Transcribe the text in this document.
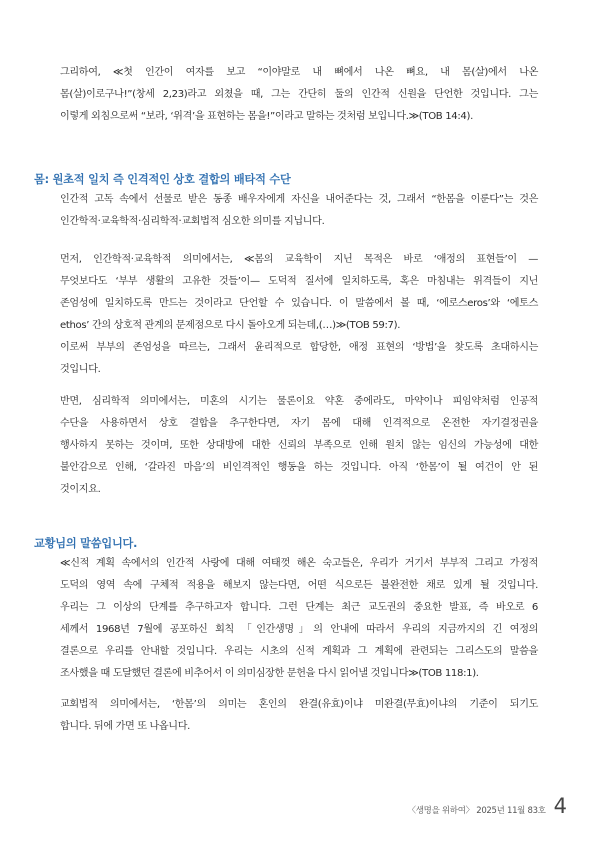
그리하여, ≪첫 인간이 여자를 보고 “이야말로 내 뼈에서 나온 뼈요, 내 몸(살)에서 나온
몸(살)이로구나!”(창세 2,23)라고 외쳤을 때, 그는 간단히 둘의 인간적 신원을 단언한 것입니다. 그는
이렇게 외침으로써 “보라, ‘위격’을 표현하는 몸을!”이라고 말하는 것처럼 보입니다.≫(TOB 14:4).
몸: 원초적 일치 즉 인격적인 상호 결합의 배타적 수단
인간적 고독 속에서 선물로 받은 동종 배우자에게 자신을 내어준다는 것, 그래서 “한몸을 이룬다”는 것은
인간학적·교육학적·심리학적·교회법적 심오한 의미를 지닙니다.
먼저, 인간학적·교육학적 의미에서는, ≪몸의 교육학이 지닌 목적은 바로 ‘애정의 표현들’이 —
무엇보다도 ‘부부 생활의 고유한 것들’이— 도덕적 질서에 일치하도록, 혹은 마침내는 위격들이 지닌
존엄성에 일치하도록 만드는 것이라고 단언할 수 있습니다. 이 말씀에서 볼 때, ‘에로스eros’와 ‘에토스
ethos’ 간의 상호적 관계의 문제점으로 다시 돌아오게 되는데,(…)≫(TOB 59:7).
이로써 부부의 존엄성을 따르는, 그래서 윤리적으로 합당한, 애정 표현의 ‘방법’을 찾도록 초대하시는
것입니다.
반면, 심리학적 의미에서는, 미혼의 시기는 물론이요 약혼 중에라도, 마약이나 피임약처럼 인공적
수단을 사용하면서 상호 결합을 추구한다면, 자기 몸에 대해 인격적으로 온전한 자기결정권을
행사하지 못하는 것이며, 또한 상대방에 대한 신뢰의 부족으로 인해 원치 않는 임신의 가능성에 대한
불안감으로 인해, ‘갈라진 마음’의 비인격적인 행동을 하는 것입니다. 아직 ‘한몸’이 될 여건이 안 된
것이지요.
교황님의 말씀입니다.
≪신적 계획 속에서의 인간적 사랑에 대해 여태껏 해온 숙고들은, 우리가 거기서 부부적 그리고 가정적
도덕의 영역 속에 구체적 적용을 해보지 않는다면, 어떤 식으로든 불완전한 채로 있게 될 것입니다.
우리는 그 이상의 단계를 추구하고자 합니다. 그런 단계는 최근 교도권의 중요한 발표, 즉 바오로 6
세께서 1968년 7월에 공포하신 회칙 「인간생명」의 안내에 따라서 우리의 지금까지의 긴 여정의
결론으로 우리를 안내할 것입니다. 우리는 시초의 신적 계획과 그 계획에 관련되는 그리스도의 말씀을
조사했을 때 도달했던 결론에 비추어서 이 의미심장한 문헌을 다시 읽어낼 것입니다≫(TOB 118:1).
교회법적 의미에서는, ‘한몸’의 의미는 혼인의 완결(유효)이냐 미완결(무효)이냐의 기준이 되기도
합니다. 뒤에 가면 또 나옵니다.
〈생명을 위하여〉 2025년 11월 83호 4
